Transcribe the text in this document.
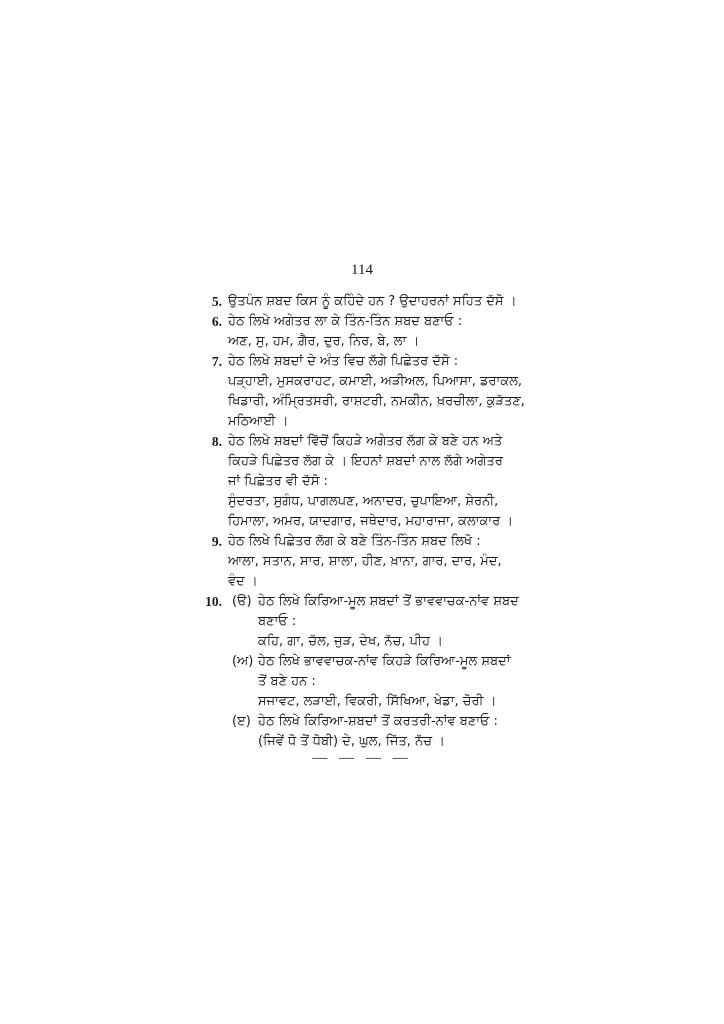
114
5. ਉਤਪੰਨ ਸ਼ਬਦ ਕਿਸ ਨੂੰ ਕਹਿੰਦੇ ਹਨ ? ਉਦਾਹਰਨਾਂ ਸਹਿਤ ਦੱਸੋ ।
6. ਹੇਠ ਲਿਖੇ ਅਗੇਤਰ ਲਾ ਕੇ ਤਿੰਨ-ਤਿੰਨ ਸ਼ਬਦ ਬਣਾਓ :
ਅਣ, ਸੁ, ਹਮ, ਗ਼ੈਰ, ਦੁਰ, ਨਿਰ, ਬੇ, ਲਾ ।
7. ਹੇਠ ਲਿਖੇ ਸ਼ਬਦਾਂ ਦੇ ਅੰਤ ਵਿਚ ਲੱਗੇ ਪਿਛੇਤਰ ਦੱਸੋ :
ਪੜ੍ਹਾਈ, ਮੁਸਕਰਾਹਟ, ਕਮਾਈ, ਅੜੀਅਲ, ਪਿਆਸਾ, ਡਰਾਕਲ,
ਖਿਡਾਰੀ, ਅੰਮ੍ਰਿਤਸਰੀ, ਰਾਸ਼ਟਰੀ, ਨਮਕੀਨ, ਖ਼ਰਚੀਲਾ, ਕੁੜੱਤਣ,
ਮਠਿਆਈ ।
8. ਹੇਠ ਲਿਖੇ ਸ਼ਬਦਾਂ ਵਿੱਚੋਂ ਕਿਹੜੇ ਅਗੇਤਰ ਲੱਗ ਕੇ ਬਣੇ ਹਨ ਅਤੇ
ਕਿਹੜੇ ਪਿਛੇਤਰ ਲੱਗ ਕੇ । ਇਹਨਾਂ ਸ਼ਬਦਾਂ ਨਾਲ ਲੱਗੇ ਅਗੇਤਰ
ਜਾਂ ਪਿਛੇਤਰ ਵੀ ਦੱਸੋ :
ਸੁੰਦਰਤਾ, ਸੁਗੰਧ, ਪਾਗਲਪਣ, ਅਨਾਦਰ, ਚੁਪਾਇਆ, ਸ਼ੇਰਨੀ,
ਹਿਮਾਲਾ, ਅਮਰ, ਯਾਦਗਾਰ, ਜਥੇਦਾਰ, ਮਹਾਰਾਜਾ, ਕਲਾਕਾਰ ।
9. ਹੇਠ ਲਿਖੇ ਪਿਛੇਤਰ ਲੱਗ ਕੇ ਬਣੇ ਤਿੰਨ-ਤਿੰਨ ਸ਼ਬਦ ਲਿਖੋ :
ਆਲਾ, ਸਤਾਨ, ਸਾਰ, ਸ਼ਾਲਾ, ਹੀਣ, ਖ਼ਾਨਾ, ਗਾਰ, ਦਾਰ, ਮੰਦ,
ਵੰਦ ।
10. (ੳ) ਹੇਠ ਲਿਖੇ ਕਿਰਿਆ-ਮੂਲ ਸ਼ਬਦਾਂ ਤੋਂ ਭਾਵਵਾਚਕ-ਨਾਂਵ ਸ਼ਬਦ
ਬਣਾਓ :
ਕਹਿ, ਗਾ, ਚੱਲ, ਜੁੜ, ਦੇਖ, ਨੱਚ, ਪੀਹ ।
(ਅ) ਹੇਠ ਲਿਖੇ ਭਾਵਵਾਚਕ-ਨਾਂਵ ਕਿਹੜੇ ਕਿਰਿਆ-ਮੂਲ ਸ਼ਬਦਾਂ
ਤੋਂ ਬਣੇ ਹਨ :
ਸਜਾਵਟ, ਲੜਾਈ, ਵਿਕਰੀ, ਸਿੱਖਿਆ, ਖੇਡਾ, ਚੋਰੀ ।
(ੲ) ਹੇਠ ਲਿਖੇ ਕਿਰਿਆ-ਸ਼ਬਦਾਂ ਤੋਂ ਕਰਤਰੀ-ਨਾਂਵ ਬਣਾਓ :
(ਜਿਵੇਂ ਧੋ ਤੋਂ ਧੋਬੀ) ਦੇ, ਘੁਲ, ਜਿੱਤ, ਨੱਚ ।
— — — —
